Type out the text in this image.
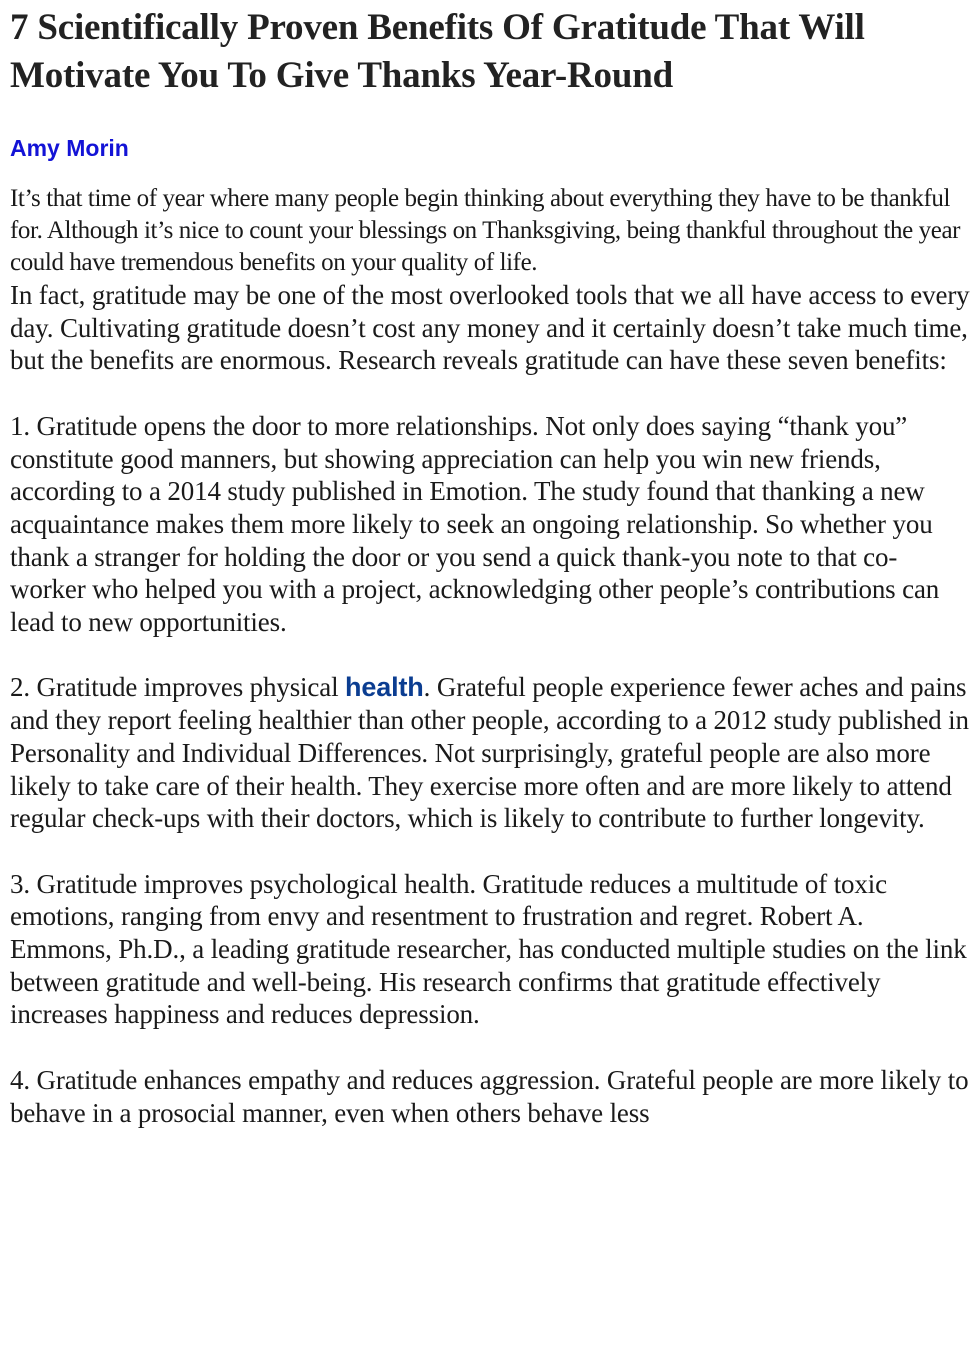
7 Scientifically Proven Benefits Of Gratitude That Will Motivate You To Give Thanks Year-Round
Amy Morin

It’s that time of year where many people begin thinking about everything they have to be thankful for. Although it’s nice to count your blessings on Thanksgiving, being thankful throughout the year could have tremendous benefits on your quality of life.

In fact, gratitude may be one of the most overlooked tools that we all have access to every day. Cultivating gratitude doesn’t cost any money and it certainly doesn’t take much time, but the benefits are enormous. Research reveals gratitude can have these seven benefits:

1. Gratitude opens the door to more relationships. Not only does saying “thank you” constitute good manners, but showing appreciation can help you win new friends, according to a 2014 study published in Emotion. The study found that thanking a new acquaintance makes them more likely to seek an ongoing relationship. So whether you thank a stranger for holding the door or you send a quick thank-you note to that co-worker who helped you with a project, acknowledging other people’s contributions can lead to new opportunities.

2. Gratitude improves physical health. Grateful people experience fewer aches and pains and they report feeling healthier than other people, according to a 2012 study published in Personality and Individual Differences. Not surprisingly, grateful people are also more likely to take care of their health. They exercise more often and are more likely to attend regular check-ups with their doctors, which is likely to contribute to further longevity.

3. Gratitude improves psychological health. Gratitude reduces a multitude of toxic emotions, ranging from envy and resentment to frustration and regret. Robert A. Emmons, Ph.D., a leading gratitude researcher, has conducted multiple studies on the link between gratitude and well-being. His research confirms that gratitude effectively increases happiness and reduces depression.

4. Gratitude enhances empathy and reduces aggression. Grateful people are more likely to behave in a prosocial manner, even when others behave less
